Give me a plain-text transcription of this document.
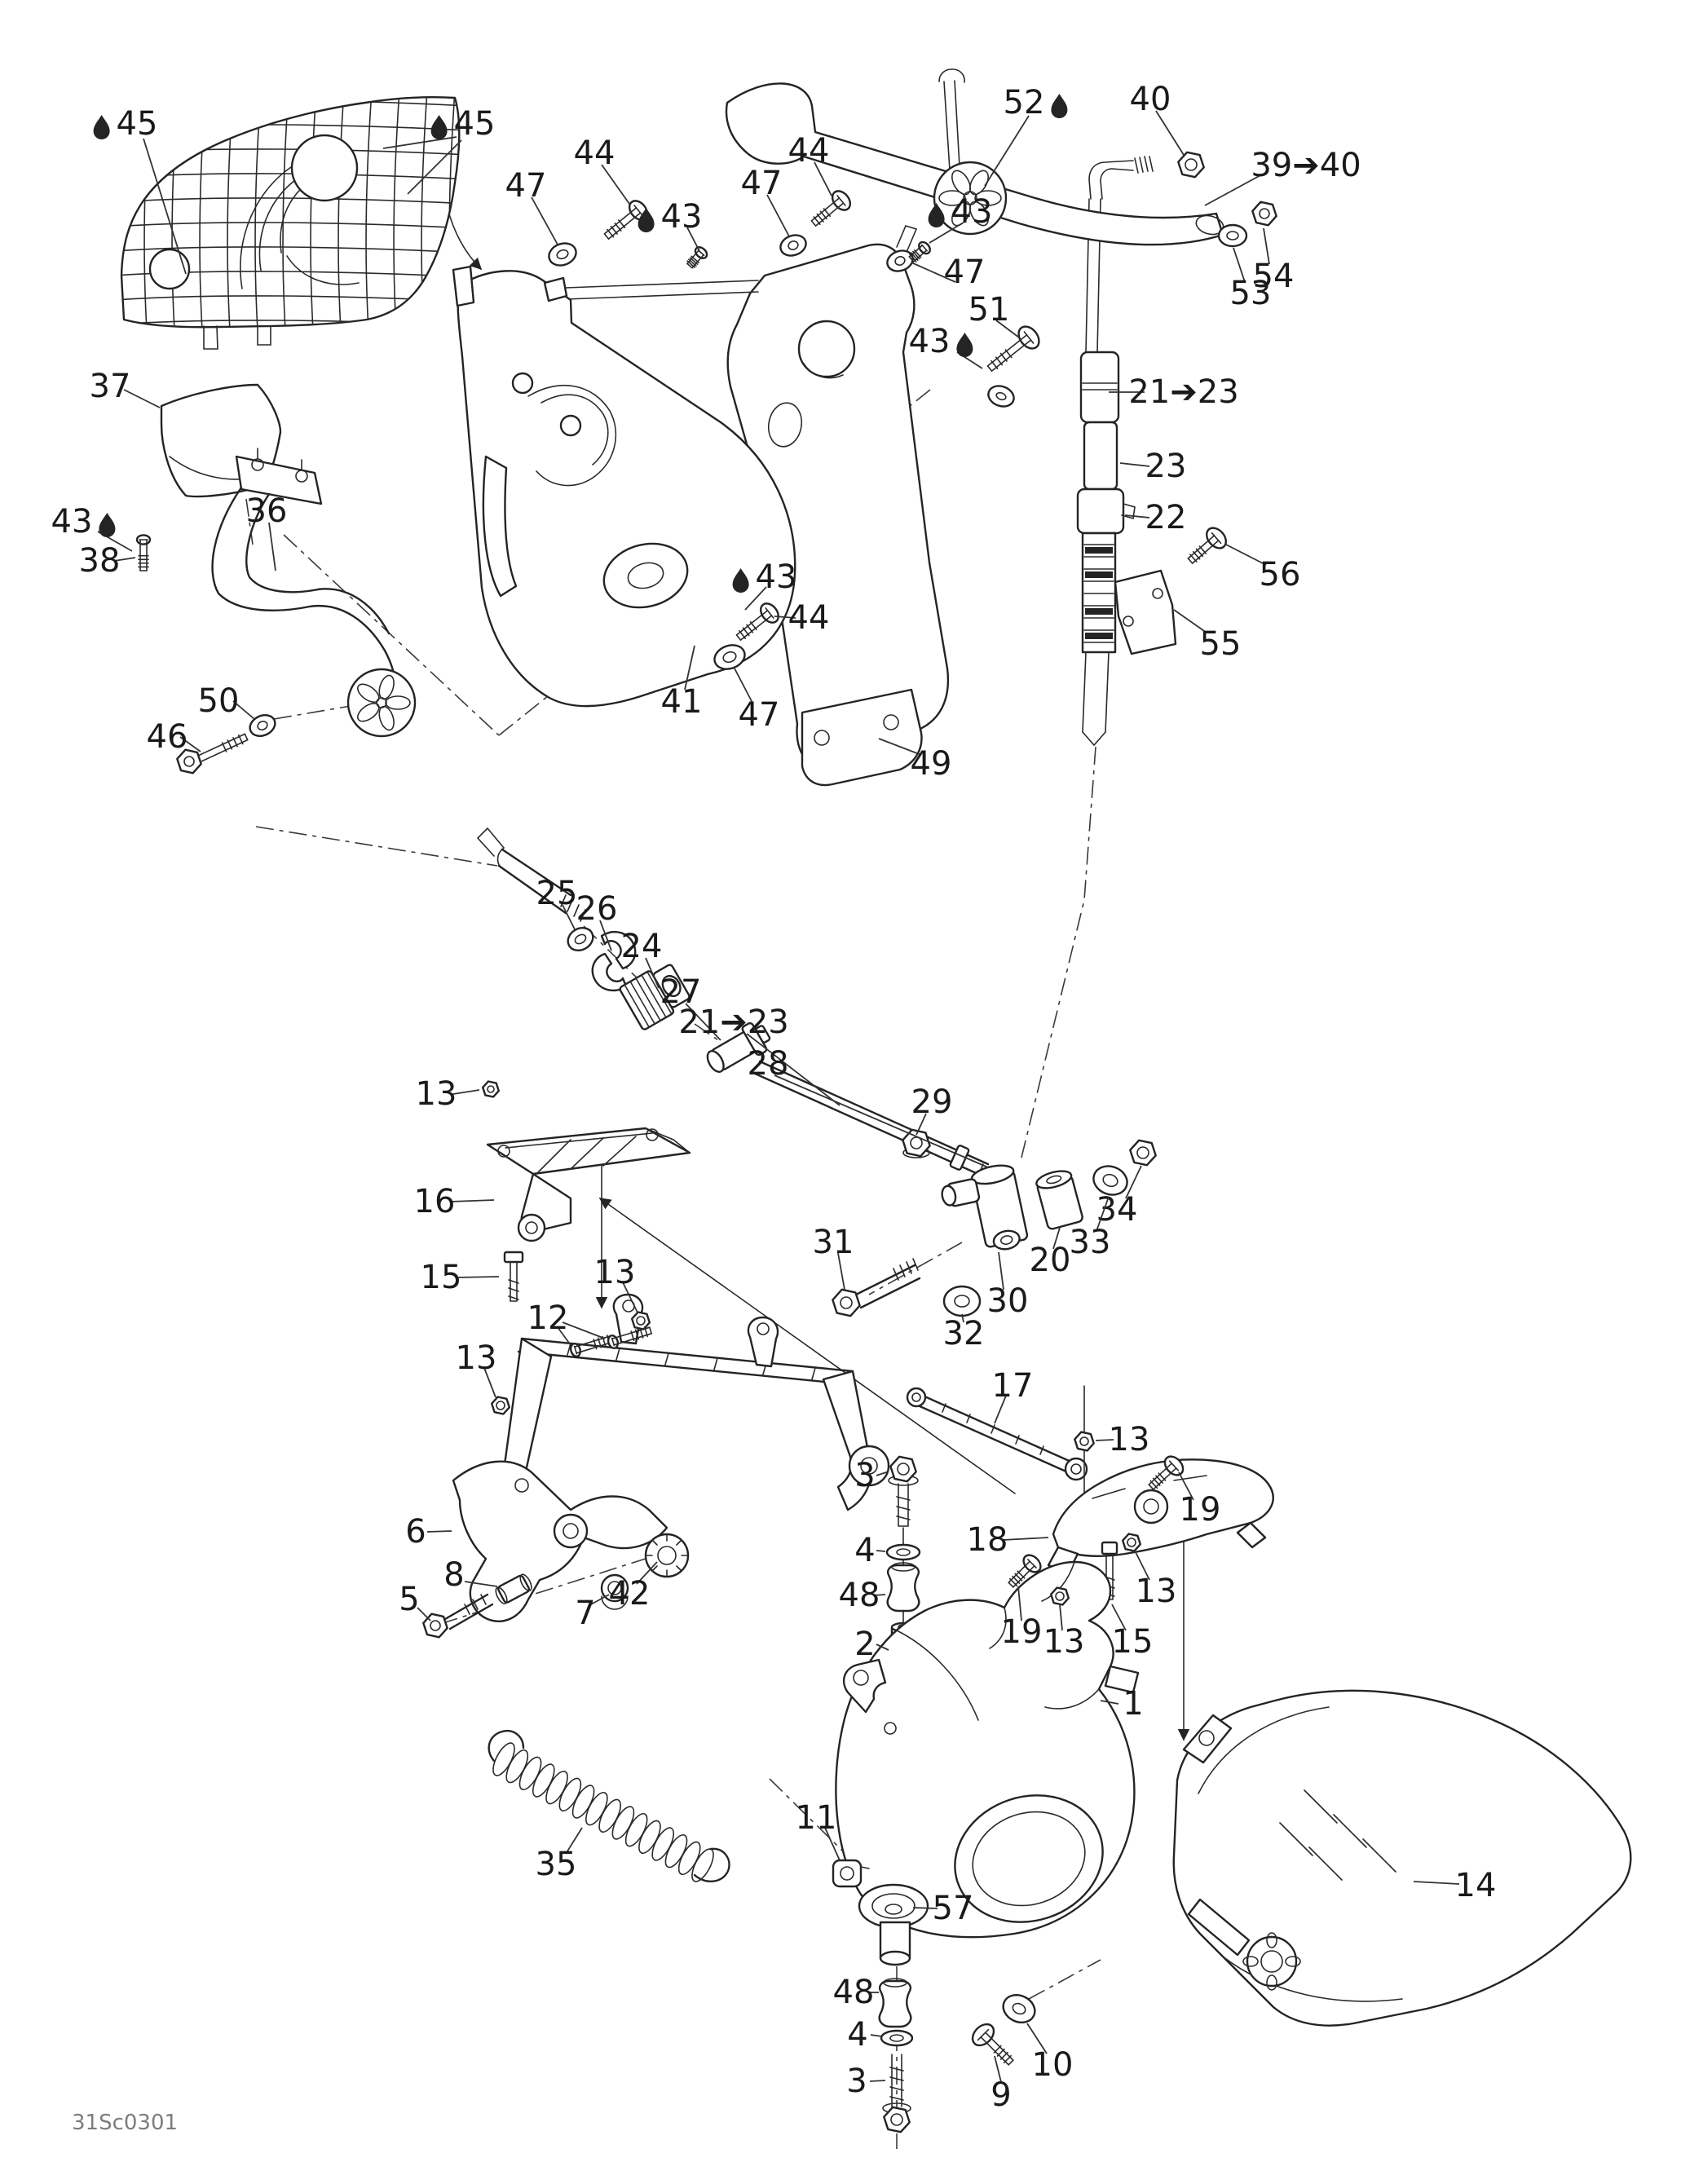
45	45
44
47	47
44
43	43
52	40
39➔40
53
54
51
43
21➔23
23
22
56
55
37
43
38
36
50
46
41
43
44
47
49
47
25
26
24
27
21➔23
28
13
16
15	13
12
13
29
34
33
20
30
31
32
17
13
18
19
13
19 13 15
3
4
48
2
1
6
8
5	7
42
35
11
57
48
4
3	9
10
14
31Sc0301
